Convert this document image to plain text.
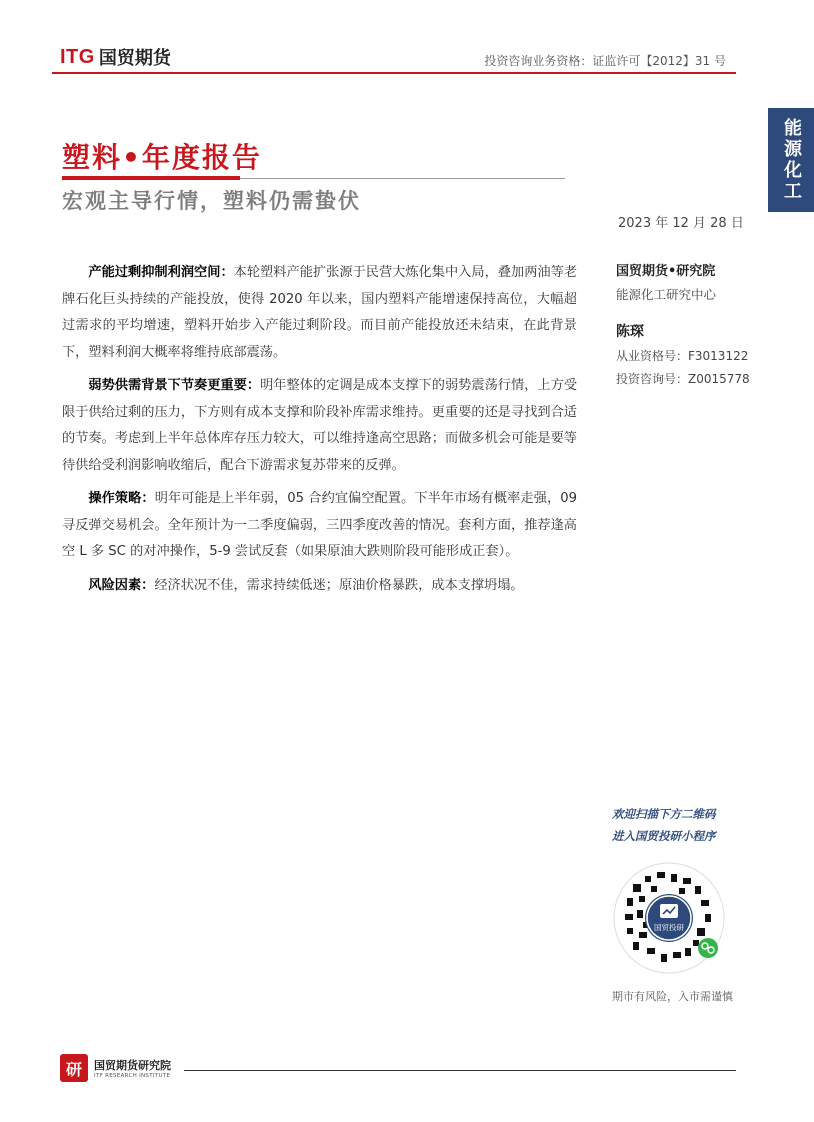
ITG 国贸期货	投资咨询业务资格：证监许可【2012】31 号
能源化工
塑料•年度报告
宏观主导行情，塑料仍需蛰伏
2023 年 12 月 28 日

产能过剩抑制利润空间：本轮塑料产能扩张源于民营大炼化集中入局，叠加两油等老牌石化巨头持续的产能投放，使得 2020 年以来，国内塑料产能增速保持高位，大幅超过需求的平均增速，塑料开始步入产能过剩阶段。而目前产能投放还未结束，在此背景下，塑料利润大概率将维持底部震荡。

弱势供需背景下节奏更重要：明年整体的定调是成本支撑下的弱势震荡行情，上方受限于供给过剩的压力，下方则有成本支撑和阶段补库需求维持。更重要的还是寻找到合适的节奏。考虑到上半年总体库存压力较大，可以维持逢高空思路；而做多机会可能是要等待供给受利润影响收缩后，配合下游需求复苏带来的反弹。

操作策略：明年可能是上半年弱，05 合约宜偏空配置。下半年市场有概率走强，09 寻反弹交易机会。全年预计为一二季度偏弱，三四季度改善的情况。套利方面，推荐逢高空 L 多 SC 的对冲操作，5-9 尝试反套（如果原油大跌则阶段可能形成正套）。

风险因素：经济状况不佳，需求持续低迷；原油价格暴跌，成本支撑坍塌。

国贸期货•研究院
能源化工研究中心
陈琛
从业资格号：F3013122
投资咨询号：Z0015778
欢迎扫描下方二维码
进入国贸投研小程序
国贸投研
期市有风险，入市需谨慎
研	国贸期货研究院
ITF RESEARCH INSTITUTE
